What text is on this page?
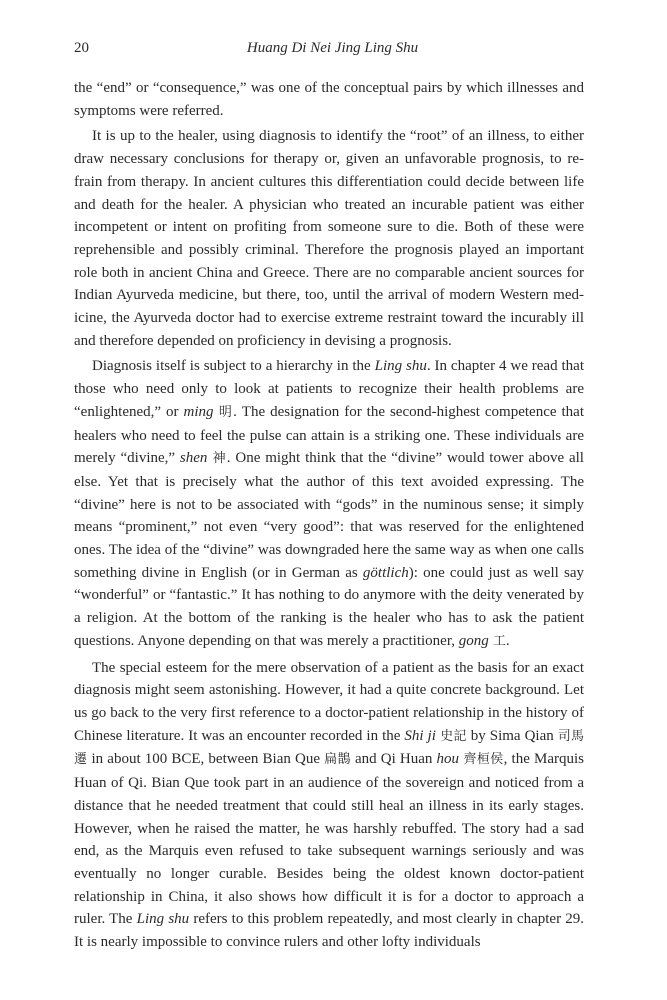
20	Huang Di Nei Jing Ling Shu

the “end” or “consequence,” was one of the conceptual pairs by which illnesses and symptoms were referred.

It is up to the healer, using diagnosis to identify the “root” of an illness, to either draw necessary conclusions for therapy or, given an unfavorable prognosis, to refrain from therapy. In ancient cultures this differentiation could decide between life and death for the healer. A physician who treated an incurable patient was either incompetent or intent on profiting from someone sure to die. Both of these were reprehensible and possibly criminal. Therefore the prognosis played an important role both in ancient China and Greece. There are no comparable ancient sources for Indian Ayurveda medicine, but there, too, until the arrival of modern Western medicine, the Ayurveda doctor had to exercise extreme restraint toward the incurably ill and therefore depended on proficiency in devising a prognosis.

Diagnosis itself is subject to a hierarchy in the Ling shu. In chapter 4 we read that those who need only to look at patients to recognize their health problems are “enlightened,” or ming 明. The designation for the second-highest competence that healers who need to feel the pulse can attain is a striking one. These individuals are merely “divine,” shen 神. One might think that the “divine” would tower above all else. Yet that is precisely what the author of this text avoided expressing. The “divine” here is not to be associated with “gods” in the numinous sense; it simply means “prominent,” not even “very good”: that was reserved for the enlightened ones. The idea of the “divine” was downgraded here the same way as when one calls something divine in English (or in German as göttlich): one could just as well say “wonderful” or “fantastic.” It has nothing to do anymore with the deity venerated by a religion. At the bottom of the ranking is the healer who has to ask the patient questions. Anyone depending on that was merely a practitioner, gong 工.

The special esteem for the mere observation of a patient as the basis for an exact diagnosis might seem astonishing. However, it had a quite concrete background. Let us go back to the very first reference to a doctor-patient relationship in the history of Chinese literature. It was an encounter recorded in the Shi ji 史記 by Sima Qian 司馬遷 in about 100 BCE, between Bian Que 扁鵲 and Qi Huan hou 齊桓侯, the Marquis Huan of Qi. Bian Que took part in an audience of the sovereign and noticed from a distance that he needed treatment that could still heal an illness in its early stages. However, when he raised the matter, he was harshly rebuffed. The story had a sad end, as the Marquis even refused to take subsequent warnings seriously and was eventually no longer curable. Besides being the oldest known doctor-patient relationship in China, it also shows how difficult it is for a doctor to approach a ruler. The Ling shu refers to this problem repeatedly, and most clearly in chapter 29. It is nearly impossible to convince rulers and other lofty individuals
